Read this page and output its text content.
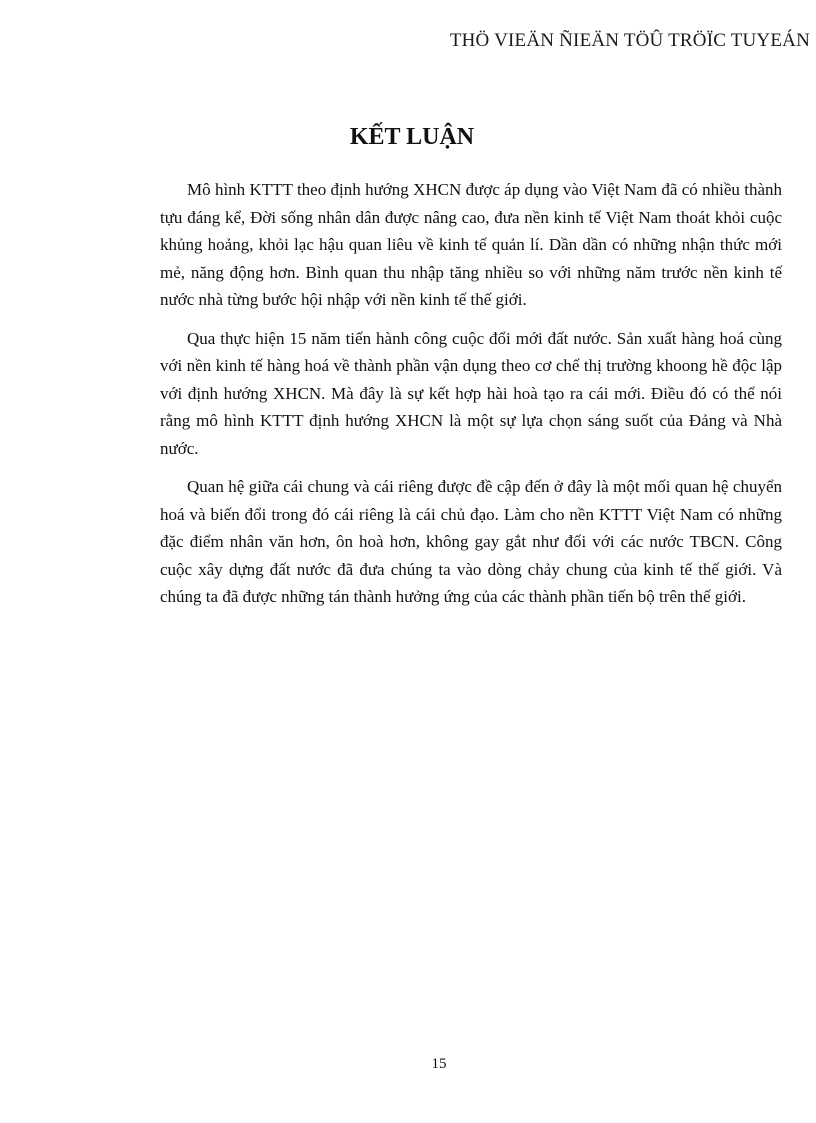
THÖ VIEÄN ÑIEÄN TÖÛ TRÖÏC TUYEÁN
KẾT LUẬN

Mô hình KTTT theo định hướng XHCN được áp dụng vào Việt Nam đã có nhiều thành tựu đáng kể, Đời sống nhân dân được nâng cao, đưa nền kinh tế Việt Nam thoát khỏi cuộc khủng hoảng, khỏi lạc hậu quan liêu về kinh tế quản lí. Dần dần có những nhận thức mới mẻ, năng động hơn. Bình quan thu nhập tăng nhiều so với những năm trước nền kinh tế nước nhà từng bước hội nhập với nền kinh tế thế giới.

Qua thực hiện 15 năm tiến hành công cuộc đổi mới đất nước. Sản xuất hàng hoá cùng với nền kinh tế hàng hoá về thành phần vận dụng theo cơ chế thị trường khoong hề độc lập với định hướng XHCN. Mà đây là sự kết hợp hài hoà tạo ra cái mới. Điều đó có thể nói rằng mô hình KTTT định hướng XHCN là một sự lựa chọn sáng suốt của Đảng và Nhà nước.

Quan hệ giữa cái chung và cái riêng được đề cập đến ở đây là một mối quan hệ chuyển hoá và biến đổi trong đó cái riêng là cái chủ đạo. Làm cho nền KTTT Việt Nam có những đặc điểm nhân văn hơn, ôn hoà hơn, không gay gắt như đối với các nước TBCN. Công cuộc xây dựng đất nước đã đưa chúng ta vào dòng chảy chung của kinh tế thế giới. Và chúng ta đã được những tán thành hưởng ứng của các thành phần tiến bộ trên thế giới.

15
